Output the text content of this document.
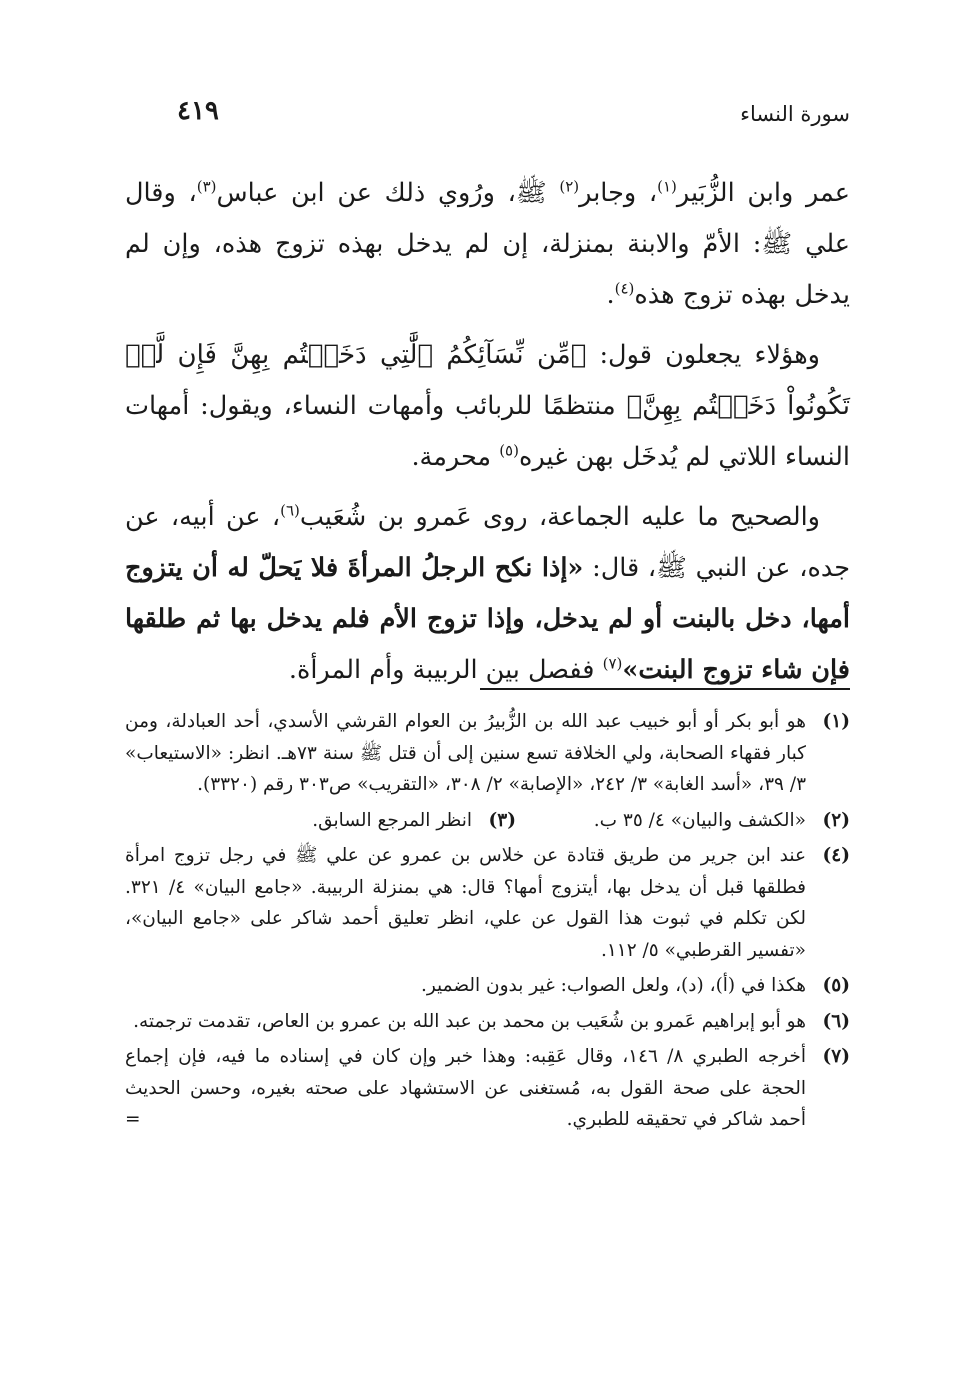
سورة النساء
٤١٩

عمر وابن الزُّبَير$^{(١)}$، وجابر$^{(٢)}$ ﷺ، ورُوي ذلك عن ابن عباس$^{(٣)}$، وقال علي ﷺ: الأمّ والابنة بمنزلة، إن لم يدخل بهذه تزوج هذه، وإن لم يدخل بهذه تزوج هذه$^{(٤)}$.

وهؤلاء يجعلون قول: ﴿مِّن نِّسَآئِكُمُ ٱلَّٰتِي دَخَلۡتُم بِهِنَّ فَإِن لَّمۡ تَكُونُواْ دَخَلۡتُم بِهِنَّ﴾ منتظمًا للربائب وأمهات النساء، ويقول: أمهات النساء اللاتي لم يُدخَل بهن غيره$^{(٥)}$ محرمة.

والصحيح ما عليه الجماعة، روى عَمرو بن شُعَيب$^{(٦)}$، عن أبيه، عن جده، عن النبي ﷺ، قال: «إذا نكح الرجلُ المرأةَ فلا يَحلّ له أن يتزوج أمها، دخل بالبنت أو لم يدخل، وإذا تزوج الأم فلم يدخل بها ثم طلقها فإن شاء تزوج البنت»$^{(٧)}$ ففصل بين الربيبة وأم المرأة.

(١)
هو أبو بكر أو أبو خبيب عبد الله بن الزُّبيرُ بن العوام القرشي الأسدي، أحد العبادلة، ومن كبار فقهاء الصحابة، ولي الخلافة تسع سنين إلى أن قتل ﷺ سنة ٧٣هـ. انظر: «الاستيعاب» ٣/ ٣٩، «أسد الغابة» ٣/ ٢٤٢، «الإصابة» ٢/ ٣٠٨، «التقريب» ص٣٠٣ رقم (٣٣٢٠).
(٢)
«الكشف والبيان» ٤/ ٣٥ ب.
(٣)
انظر المرجع السابق.
(٤)
عند ابن جرير من طريق قتادة عن خلاس بن عمرو عن علي ﷺ في رجل تزوج امرأة فطلقها قبل أن يدخل بها، أيتزوج أمها؟ قال: هي بمنزلة الربيبة. «جامع البيان» ٤/ ٣٢١. لكن تكلم في ثبوت هذا القول عن علي، انظر تعليق أحمد شاكر على «جامع البيان»، «تفسير القرطبي» ٥/ ١١٢.
(٥)
هكذا في (أ)، (د)، ولعل الصواب: غير بدون الضمير.
(٦)
هو أبو إبراهيم عَمرو بن شُعَيب بن محمد بن عبد الله بن عمرو بن العاص، تقدمت ترجمته.
(٧)
أخرجه الطبري ٨/ ١٤٦، وقال عَقِبه: وهذا خبر وإن كان في إسناده ما فيه، فإن إجماع الحجة على صحة القول به، مُستغنى عن الاستشهاد على صحته بغيره، وحسن الحديث أحمد شاكر في تحقيقه للطبري.
=
